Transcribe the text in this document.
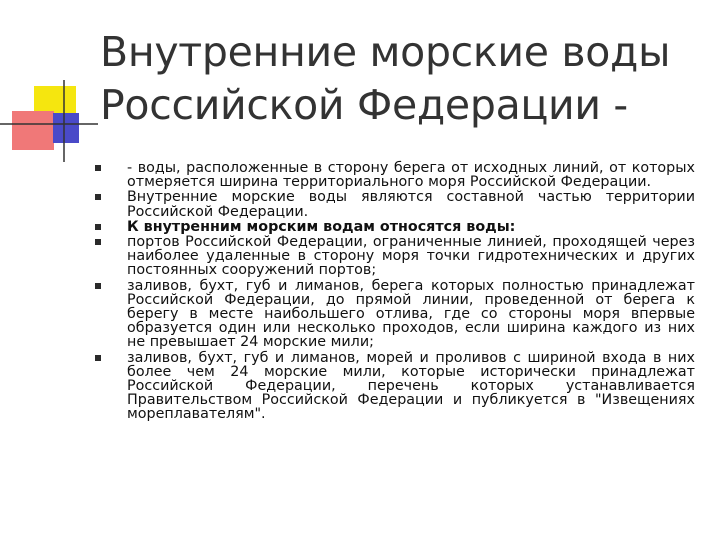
Внутренние морские воды
Российской Федерации -
- воды, расположенные в сторону берега от исходных линий, от которых отмеряется ширина территориального моря Российской Федерации.
Внутренние морские воды являются составной частью территории Российской Федерации.
К внутренним морским водам относятся воды:
портов Российской Федерации, ограниченные линией, проходящей через наиболее удаленные в сторону моря точки гидротехнических и других постоянных сооружений портов;
заливов, бухт, губ и лиманов, берега которых полностью принадлежат Российской Федерации, до прямой линии, проведенной от берега к берегу в месте наибольшего отлива, где со стороны моря впервые образуется один или несколько проходов, если ширина каждого из них не превышает 24 морские мили;
заливов, бухт, губ и лиманов, морей и проливов с шириной входа в них более чем 24 морские мили, которые исторически принадлежат Российской Федерации, перечень которых устанавливается Правительством Российской Федерации и публикуется в "Извещениях мореплавателям".
